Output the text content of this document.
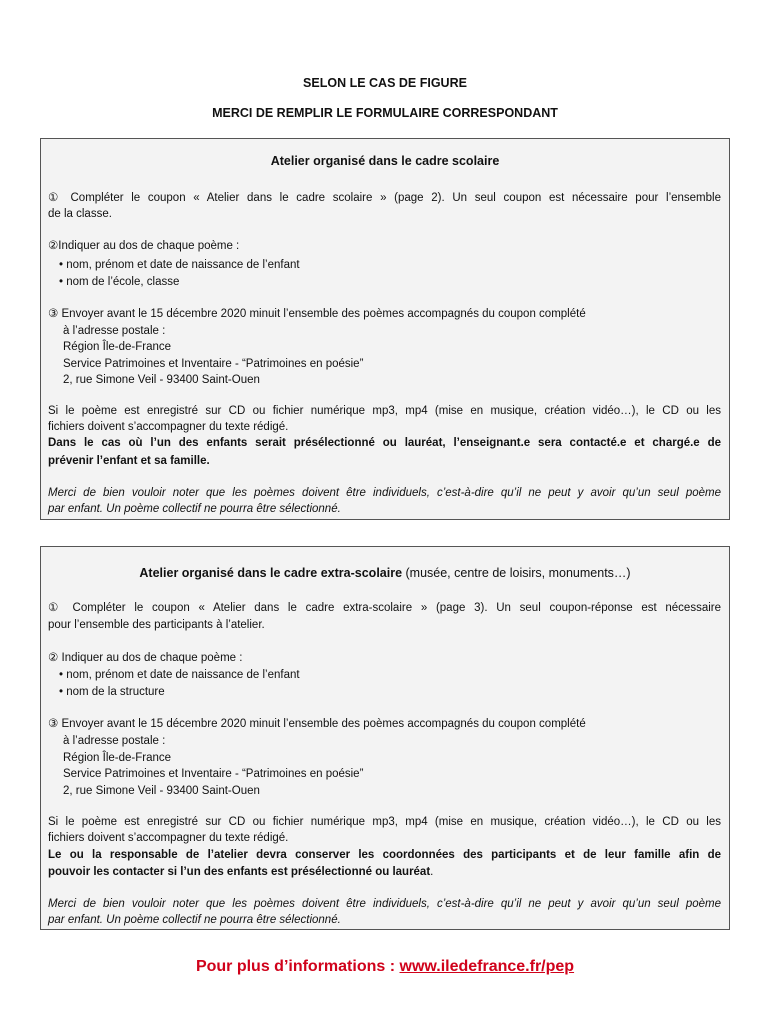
SELON LE CAS DE FIGURE
MERCI DE REMPLIR LE FORMULAIRE CORRESPONDANT
Atelier organisé dans le cadre scolaire
① Compléter le coupon « Atelier dans le cadre scolaire » (page 2). Un seul coupon est nécessaire pour l’ensemble
de la classe.
②Indiquer au dos de chaque poème :
• nom, prénom et date de naissance de l’enfant
• nom de l’école, classe
③ Envoyer avant le 15 décembre 2020 minuit l’ensemble des poèmes accompagnés du coupon complété
à l’adresse postale :
Région Île-de-France
Service Patrimoines et Inventaire - “Patrimoines en poésie”
2, rue Simone Veil - 93400 Saint-Ouen
Si le poème est enregistré sur CD ou fichier numérique mp3, mp4 (mise en musique, création vidéo…), le CD ou les
fichiers doivent s’accompagner du texte rédigé.
Dans le cas où l’un des enfants serait présélectionné ou lauréat, l’enseignant.e sera contacté.e et chargé.e de
prévenir l’enfant et sa famille.
Merci de bien vouloir noter que les poèmes doivent être individuels, c’est-à-dire qu’il ne peut y avoir qu’un seul poème
par enfant. Un poème collectif ne pourra être sélectionné.
Atelier organisé dans le cadre extra-scolaire (musée, centre de loisirs, monuments…)
① Compléter le coupon « Atelier dans le cadre extra-scolaire » (page 3). Un seul coupon-réponse est nécessaire
pour l’ensemble des participants à l’atelier.
② Indiquer au dos de chaque poème :
• nom, prénom et date de naissance de l’enfant
• nom de la structure
③ Envoyer avant le 15 décembre 2020 minuit l’ensemble des poèmes accompagnés du coupon complété
à l’adresse postale :
Région Île-de-France
Service Patrimoines et Inventaire - “Patrimoines en poésie”
2, rue Simone Veil - 93400 Saint-Ouen
Si le poème est enregistré sur CD ou fichier numérique mp3, mp4 (mise en musique, création vidéo…), le CD ou les
fichiers doivent s’accompagner du texte rédigé.
Le ou la responsable de l’atelier devra conserver les coordonnées des participants et de leur famille afin de
pouvoir les contacter si l’un des enfants est présélectionné ou lauréat.
Merci de bien vouloir noter que les poèmes doivent être individuels, c’est-à-dire qu’il ne peut y avoir qu’un seul poème
par enfant. Un poème collectif ne pourra être sélectionné.
Pour plus d’informations : www.iledefrance.fr/pep
